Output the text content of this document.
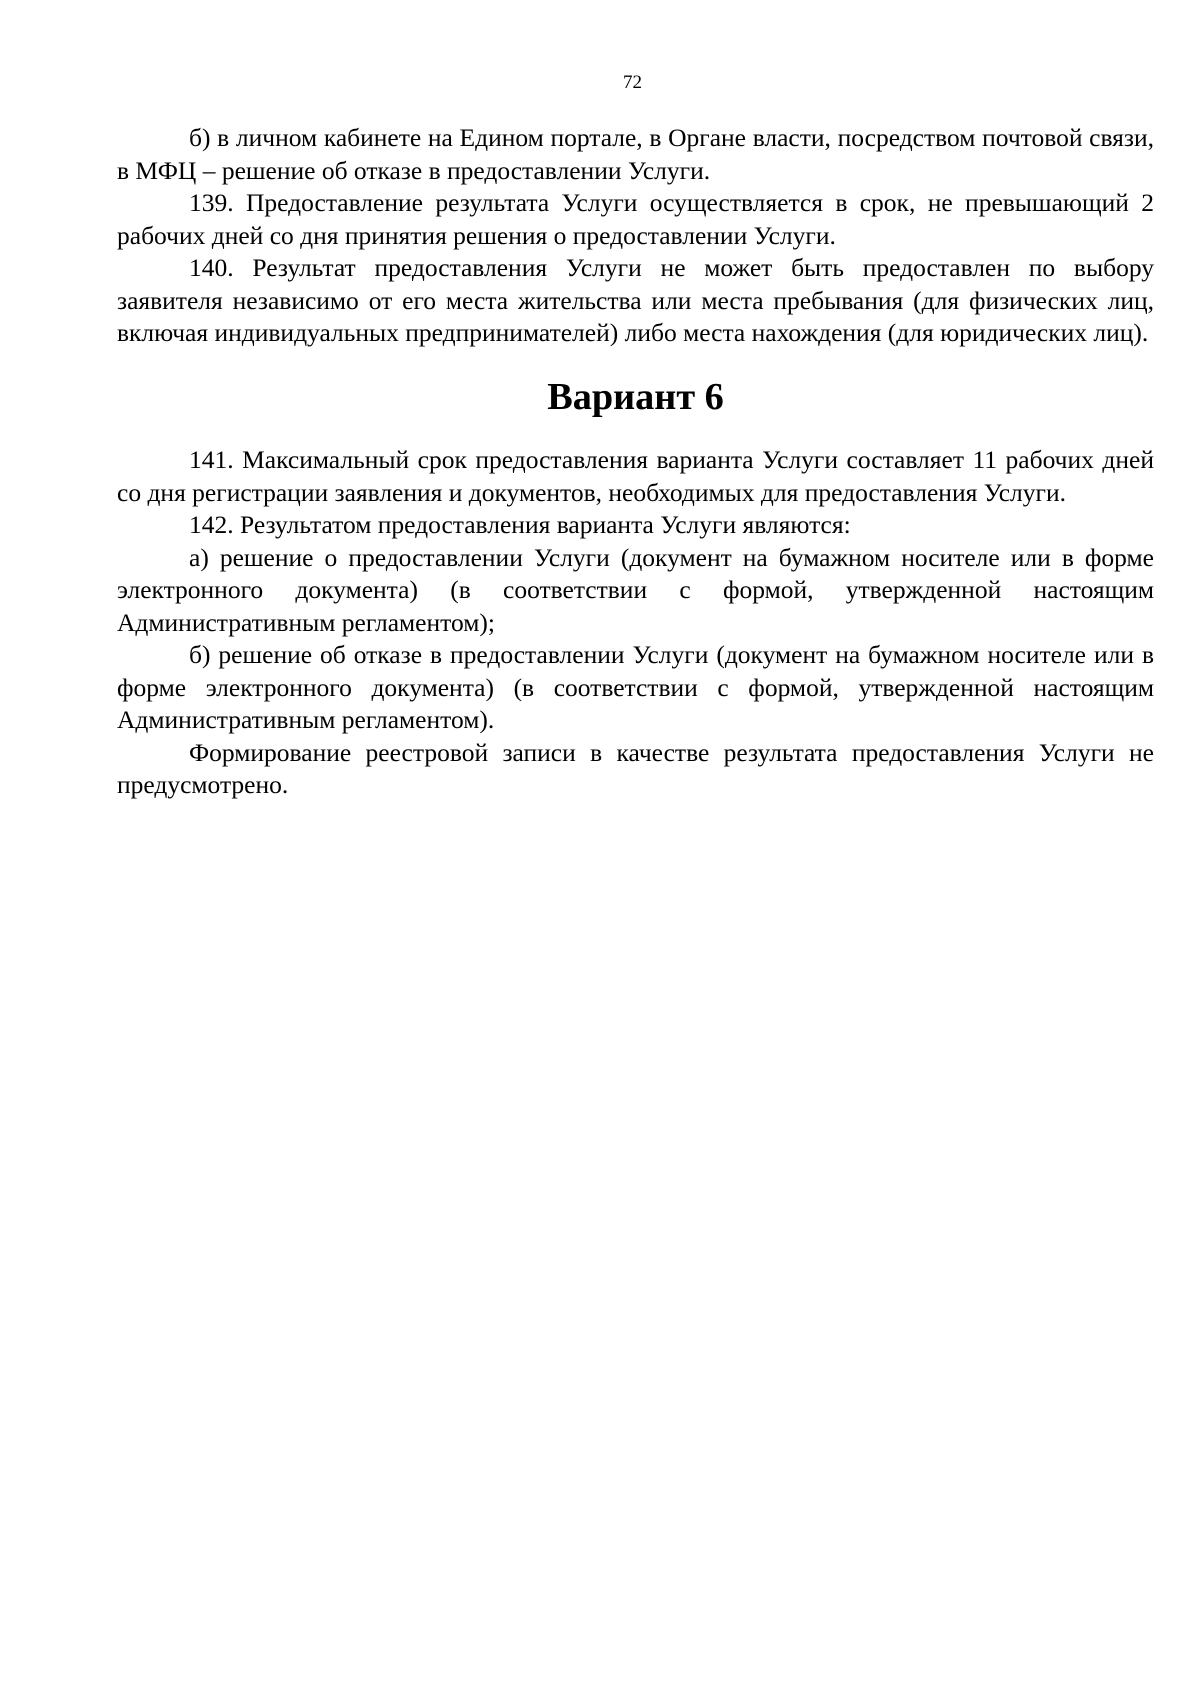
72

б) в личном кабинете на Едином портале, в Органе власти, посредством почтовой связи, в МФЦ – решение об отказе в предоставлении Услуги.

139. Предоставление результата Услуги осуществляется в срок, не превышающий 2 рабочих дней со дня принятия решения о предоставлении Услуги.

140. Результат предоставления Услуги не может быть предоставлен по выбору заявителя независимо от его места жительства или места пребывания (для физических лиц, включая индивидуальных предпринимателей) либо места нахождения (для юридических лиц).

Вариант 6

141. Максимальный срок предоставления варианта Услуги составляет 11 рабочих дней со дня регистрации заявления и документов, необходимых для предоставления Услуги.

142. Результатом предоставления варианта Услуги являются:

а) решение о предоставлении Услуги (документ на бумажном носителе или в форме электронного документа) (в соответствии с формой, утвержденной настоящим Административным регламентом);

б) решение об отказе в предоставлении Услуги (документ на бумажном носителе или в форме электронного документа) (в соответствии с формой, утвержденной настоящим Административным регламентом).

Формирование реестровой записи в качестве результата предоставления Услуги не предусмотрено.
